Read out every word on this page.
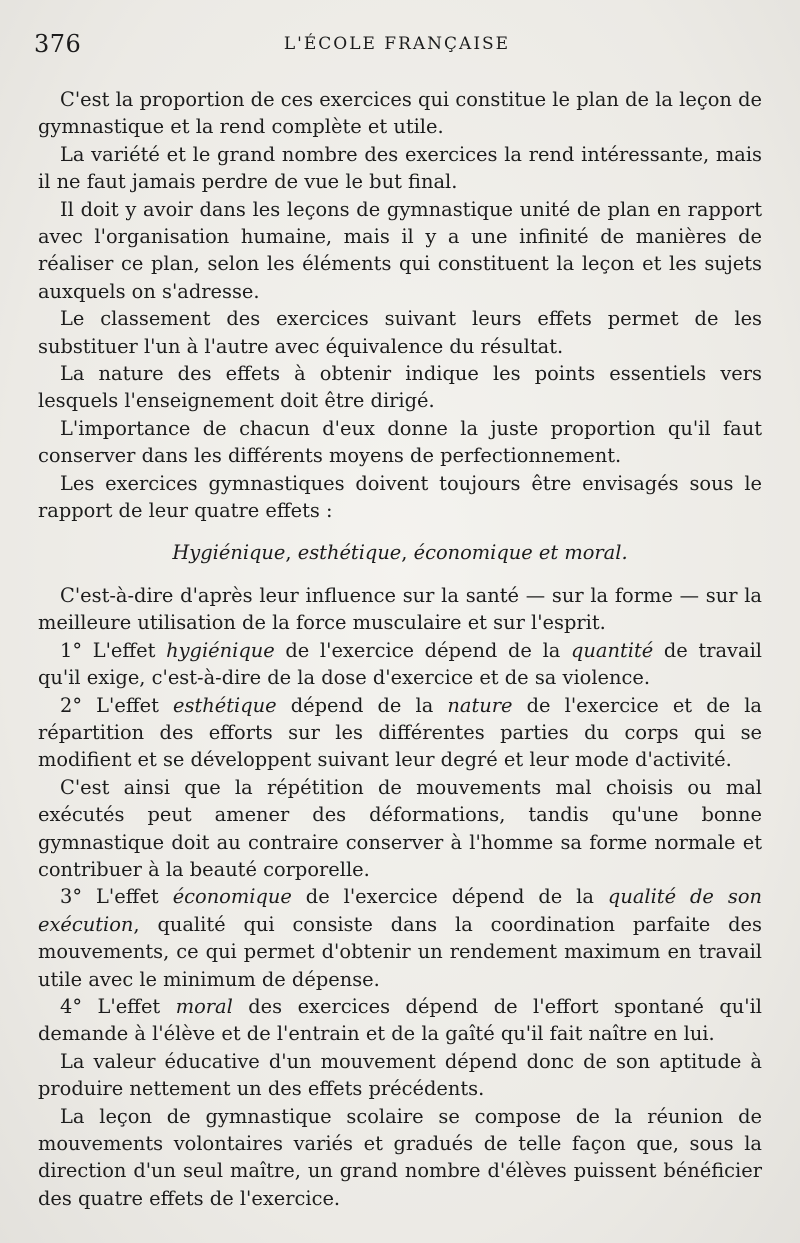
376	L'ÉCOLE FRANÇAISE

C'est la proportion de ces exercices qui constitue le plan de la leçon de gymnastique et la rend complète et utile.

La variété et le grand nombre des exercices la rend intéressante, mais il ne faut jamais perdre de vue le but final.

Il doit y avoir dans les leçons de gymnastique unité de plan en rapport avec l'organisation humaine, mais il y a une infinité de manières de réaliser ce plan, selon les éléments qui constituent la leçon et les sujets auxquels on s'adresse.

Le classement des exercices suivant leurs effets permet de les substituer l'un à l'autre avec équivalence du résultat.

La nature des effets à obtenir indique les points essentiels vers lesquels l'enseignement doit être dirigé.

L'importance de chacun d'eux donne la juste proportion qu'il faut conserver dans les différents moyens de perfectionnement.

Les exercices gymnastiques doivent toujours être envisagés sous le rapport de leur quatre effets :

Hygiénique, esthétique, économique et moral.

C'est-à-dire d'après leur influence sur la santé — sur la forme — sur la meilleure utilisation de la force musculaire et sur l'esprit.

1° L'effet hygiénique de l'exercice dépend de la quantité de travail qu'il exige, c'est-à-dire de la dose d'exercice et de sa violence.

2° L'effet esthétique dépend de la nature de l'exercice et de la répartition des efforts sur les différentes parties du corps qui se modifient et se développent suivant leur degré et leur mode d'activité.

C'est ainsi que la répétition de mouvements mal choisis ou mal exécutés peut amener des déformations, tandis qu'une bonne gymnastique doit au contraire conserver à l'homme sa forme normale et contribuer à la beauté corporelle.

3° L'effet économique de l'exercice dépend de la qualité de son exécution, qualité qui consiste dans la coordination parfaite des mouvements, ce qui permet d'obtenir un rendement maximum en travail utile avec le minimum de dépense.

4° L'effet moral des exercices dépend de l'effort spontané qu'il demande à l'élève et de l'entrain et de la gaîté qu'il fait naître en lui.

La valeur éducative d'un mouvement dépend donc de son aptitude à produire nettement un des effets précédents.

La leçon de gymnastique scolaire se compose de la réunion de mouvements volontaires variés et gradués de telle façon que, sous la direction d'un seul maître, un grand nombre d'élèves puissent bénéficier des quatre effets de l'exercice.
